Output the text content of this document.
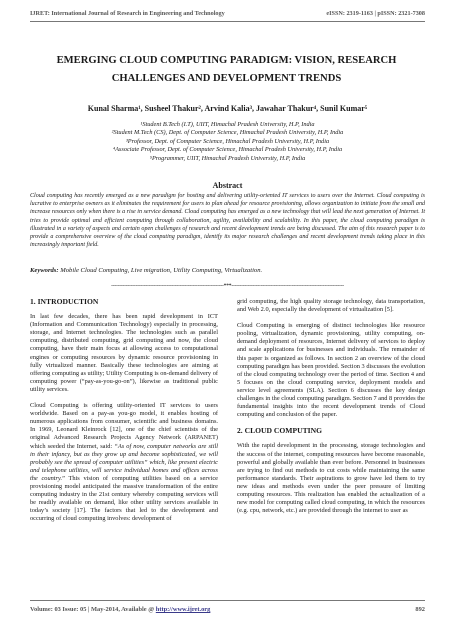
IJRET: International Journal of Research in Engineering and Technology	eISSN: 2319-1163 | pISSN: 2321-7308
EMERGING CLOUD COMPUTING PARADIGM: VISION, RESEARCH CHALLENGES AND DEVELOPMENT TRENDS
Kunal Sharma¹, Susheel Thakur², Arvind Kalia³, Jawahar Thakur⁴, Sunil Kumar⁵
¹Student B.Tech (I.T), UIIT, Himachal Pradesh University, H.P, India
²Student M.Tech (CS), Dept. of Computer Science, Himachal Pradesh University, H.P, India
³Professor, Dept. of Computer Science, Himachal Pradesh University, H.P, India
⁴Associate Professor, Dept. of Computer Science, Himachal Pradesh University, H.P, India
⁵Programmer, UIIT, Himachal Pradesh University, H.P, India
Abstract
Cloud computing has recently emerged as a new paradigm for hosting and delivering utility-oriented IT services to users over the Internet. Cloud computing is lucrative to enterprise owners as it eliminates the requirement for users to plan ahead for resource provisioning, allows organization to initiate from the small and increase resources only when there is a rise in service demand. Cloud computing has emerged as a new technology that will lead the next generation of Internet. It tries to provide optimal and efficient computing through collaboration, agility, availability and scalability. In this paper, the cloud computing paradigm is illustrated in a variety of aspects and certain open challenges of research and recent development trends are being discussed. The aim of this research paper is to provide a comprehensive overview of the cloud computing paradigm, identify its major research challenges and recent development trends taking place in this increasingly important field.
Keywords: Mobile Cloud Computing, Live migration, Utility Computing, Virtualization.
---------------------------------------------------------------------***---------------------------------------------------------------------
1. INTRODUCTION

In last few decades, there has been rapid development in ICT (Information and Communication Technology) especially in processing, storage, and Internet technologies. The technologies such as parallel computing, distributed computing, grid computing and now, the cloud computing, have their main focus at allowing access to computational engines or computing resources by dynamic resource provisioning in fully virtualized manner. Basically these technologies are aiming at offering computing as utility; Utility Computing is on-demand delivery of computing power (“pay-as-you-go-on”), likewise as traditional public utility services.

Cloud Computing is offering utility-oriented IT services to users worldwide. Based on a pay-as you-go model, it enables hosting of numerous applications from consumer, scientific and business domains. In 1969, Leonard Kleinrock [12], one of the chief scientists of the original Advanced Research Projects Agency Network (ARPANET) which seeded the Internet, said: “As of now, computer networks are still in their infancy, but as they grow up and become sophisticated, we will probably see the spread of computer utilities” which, like present electric and telephone utilities, will service individual homes and offices across the country.” This vision of computing utilities based on a service provisioning model anticipated the massive transformation of the entire computing industry in the 21st century whereby computing services will be readily available on demand, like other utility services available in today’s society [17]. The factors that led to the development and occurring of cloud computing involves: development of

grid computing, the high quality storage technology, data transportation, and Web 2.0, especially the development of virtualization [5].

Cloud Computing is emerging of distinct technologies like resource pooling, virtualization, dynamic provisioning, utility computing, on-demand deployment of resources, Internet delivery of services to deploy and scale applications for businesses and individuals. The remainder of this paper is organized as follows. In section 2 an overview of the cloud computing paradigm has been provided. Section 3 discusses the evolution of the cloud computing technology over the period of time. Section 4 and 5 focuses on the cloud computing service, deployment models and service level agreements (SLA). Section 6 discusses the key design challenges in the cloud computing paradigm. Section 7 and 8 provides the fundamental insights into the recent development trends of Cloud computing and conclusion of the paper.

2. CLOUD COMPUTING

With the rapid development in the processing, storage technologies and the success of the internet, computing resources have become reasonable, powerful and globally available than ever before. Personnel in businesses are trying to find out methods to cut costs while maintaining the same performance standards. Their aspirations to grow have led them to try new ideas and methods even under the peer pressure of limiting computing resources. This realization has enabled the actualization of a new model for computing called cloud computing, in which the resources (e.g. cpu, network, etc.) are provided through the internet to user as

Volume: 03 Issue: 05 | May-2014, Available @ http://www.ijret.org	892
